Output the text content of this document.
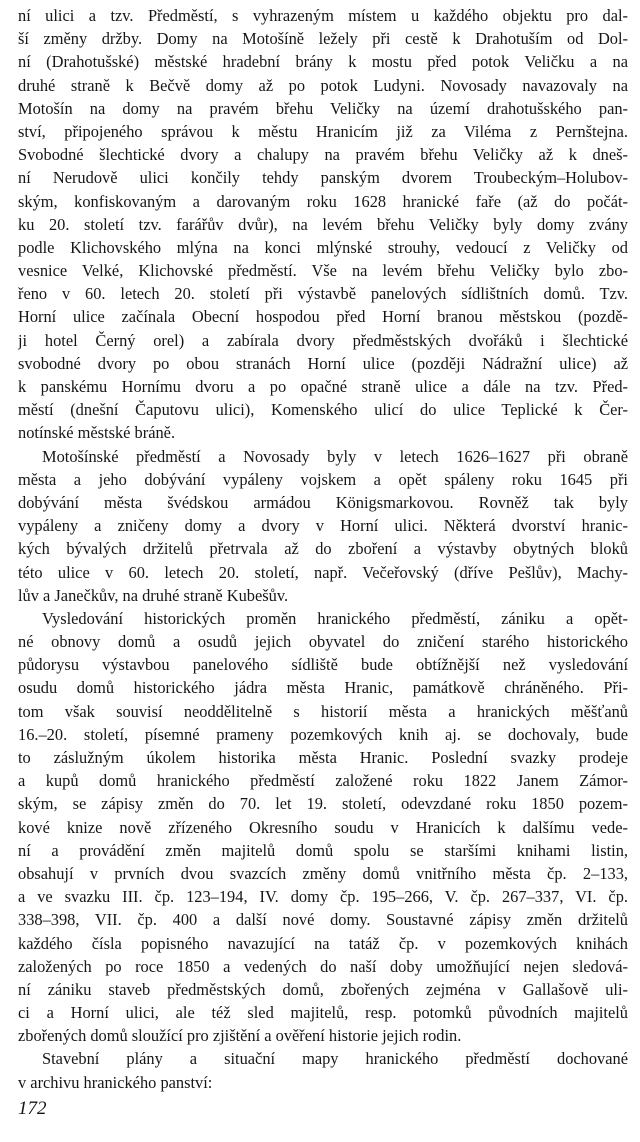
ní ulici a tzv. Předměstí, s vyhrazeným místem u každého objektu pro dal-
ší změny držby. Domy na Motošíně ležely při cestě k Drahotuším od Dol-
ní (Drahotušské) městské hradební brány k mostu před potok Veličku a na
druhé straně k Bečvě domy až po potok Ludyni. Novosady navazovaly na
Motošín na domy na pravém břehu Veličky na území drahotušského pan-
ství, připojeného správou k městu Hranicím již za Viléma z Pernštejna.
Svobodné šlechtické dvory a chalupy na pravém břehu Veličky až k dneš-
ní Nerudově ulici končily tehdy panským dvorem Troubeckým–Holubov-
ským, konfiskovaným a darovaným roku 1628 hranické faře (až do počát-
ku 20. století tzv. farářův dvůr), na levém břehu Veličky byly domy zvány
podle Klichovského mlýna na konci mlýnské strouhy, vedoucí z Veličky od
vesnice Velké, Klichovské předměstí. Vše na levém břehu Veličky bylo zbo-
řeno v 60. letech 20. století při výstavbě panelových sídlištních domů. Tzv.
Horní ulice začínala Obecní hospodou před Horní branou městskou (pozdě-
ji hotel Černý orel) a zabírala dvory předměstských dvořáků i šlechtické
svobodné dvory po obou stranách Horní ulice (později Nádražní ulice) až
k panskému Hornímu dvoru a po opačné straně ulice a dále na tzv. Před-
městí (dnešní Čaputovu ulici), Komenského ulicí do ulice Teplické k Čer-
notínské městské bráně.
Motošínské předměstí a Novosady byly v letech 1626–1627 při obraně
města a jeho dobývání vypáleny vojskem a opět spáleny roku 1645 při
dobývání města švédskou armádou Königsmarkovou. Rovněž tak byly
vypáleny a zničeny domy a dvory v Horní ulici. Některá dvorství hranic-
kých bývalých držitelů přetrvala až do zboření a výstavby obytných bloků
této ulice v 60. letech 20. století, např. Večeřovský (dříve Pešlův), Machy-
lův a Janečkův, na druhé straně Kubešův.
Vysledování historických proměn hranického předměstí, zániku a opět-
né obnovy domů a osudů jejich obyvatel do zničení starého historického
půdorysu výstavbou panelového sídliště bude obtížnější než vysledování
osudu domů historického jádra města Hranic, památkově chráněného. Při-
tom však souvisí neoddělitelně s historií města a hranických měšťanů
16.–20. století, písemné prameny pozemkových knih aj. se dochovaly, bude
to záslužným úkolem historika města Hranic. Poslední svazky prodeje
a kupů domů hranického předměstí založené roku 1822 Janem Zámor-
ským, se zápisy změn do 70. let 19. století, odevzdané roku 1850 pozem-
kové knize nově zřízeného Okresního soudu v Hranicích k dalšímu vede-
ní a provádění změn majitelů domů spolu se staršími knihami listin,
obsahují v prvních dvou svazcích změny domů vnitřního města čp. 2–133,
a ve svazku III. čp. 123–194, IV. domy čp. 195–266, V. čp. 267–337, VI. čp.
338–398, VII. čp. 400 a další nové domy. Soustavné zápisy změn držitelů
každého čísla popisného navazující na tatáž čp. v pozemkových knihách
založených po roce 1850 a vedených do naší doby umožňující nejen sledová-
ní zániku staveb předměstských domů, zbořených zejména v Gallašově uli-
ci a Horní ulici, ale též sled majitelů, resp. potomků původních majitelů
zbořených domů sloužící pro zjištění a ověření historie jejich rodin.
Stavební plány a situační mapy hranického předměstí dochované
v archivu hranického panství:
172
